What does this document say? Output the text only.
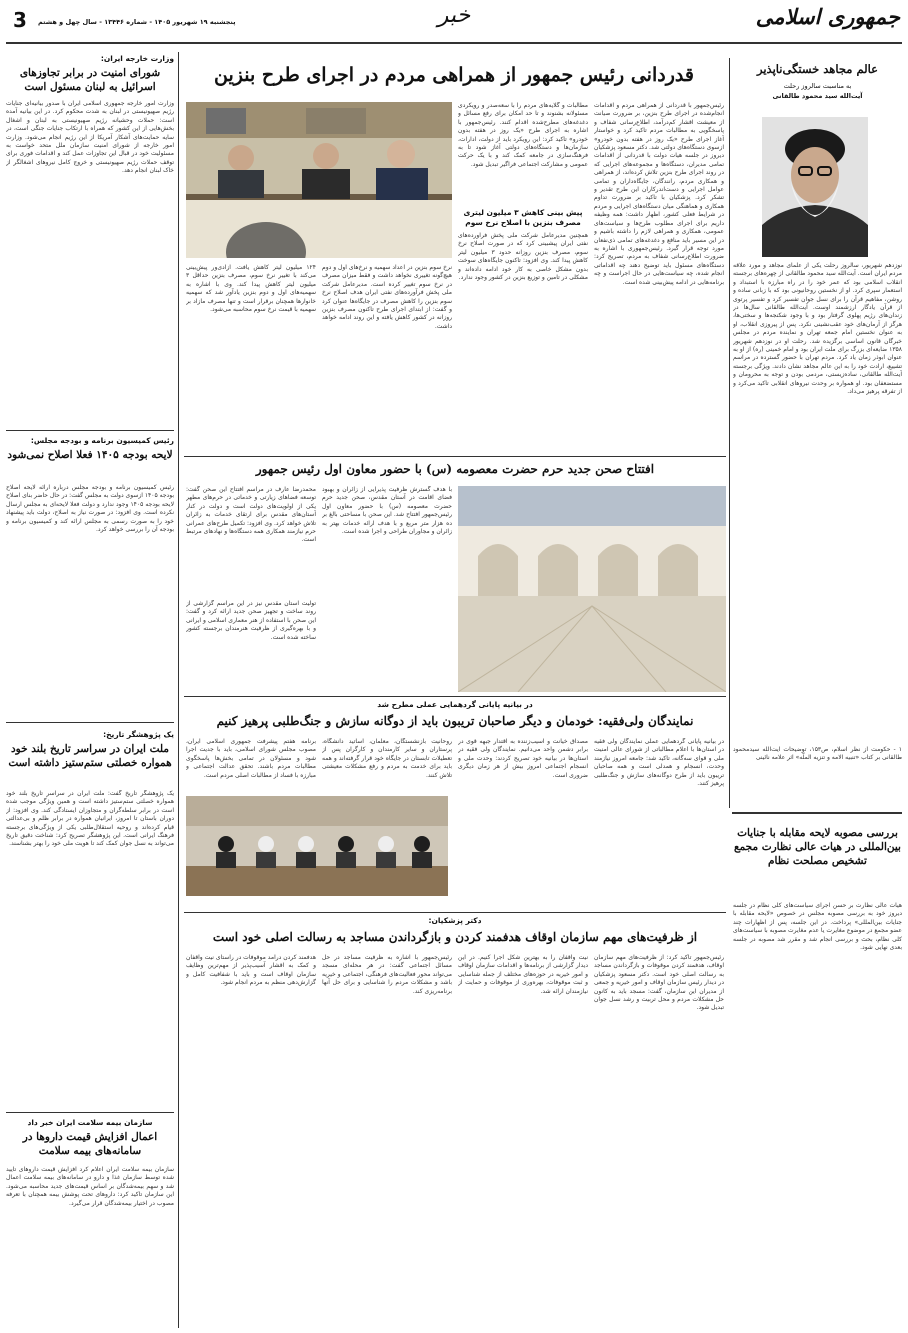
جمهوری اسلامی
خبر
پنجشنبه ۱۹ شهریور ۱۴۰۵ - شماره ۱۳۴۴۶ - سال چهل و هشتم
3
عالم مجاهد خستگی‌ناپذیر
به مناسبت سالروز رحلت
آیت‌الله سید محمود طالقانی
نوزدهم شهریور، سالروز رحلت یکی از علمای مجاهد و مورد علاقه مردم ایران است. آیت‌الله سید محمود طالقانی از چهره‌های برجسته انقلاب اسلامی بود که عمر خود را در راه مبارزه با استبداد و استعمار سپری کرد. او از نخستین روحانیونی بود که با زبانی ساده و روشن، مفاهیم قرآن را برای نسل جوان تفسیر کرد و تفسیر پرتوی از قرآن یادگار ارزشمند اوست. آیت‌الله طالقانی سال‌ها در زندان‌های رژیم پهلوی گرفتار بود و با وجود شکنجه‌ها و سختی‌ها، هرگز از آرمان‌های خود عقب‌نشینی نکرد. پس از پیروزی انقلاب، او به عنوان نخستین امام جمعه تهران و نماینده مردم در مجلس خبرگان قانون اساسی برگزیده شد. رحلت او در نوزدهم شهریور ۱۳۵۸ ضایعه‌ای بزرگ برای ملت ایران بود و امام خمینی (ره) از او به عنوان ابوذر زمان یاد کرد. مردم تهران با حضور گسترده در مراسم تشییع، ارادت خود را به این عالم مجاهد نشان دادند. ویژگی برجسته آیت‌الله طالقانی، ساده‌زیستی، مردمی بودن و توجه به محرومان و مستضعفان بود. او همواره بر وحدت نیروهای انقلابی تاکید می‌کرد و از تفرقه پرهیز می‌داد.
۱ - حکومت از نظر اسلام، ص۱۵۳، توضیحات آیت‌الله سیدمحمود طالقانی بر کتاب «تنبیه الامه و تنزیه الملّه» اثر علامه نائینی
بررسی مصوبه لایحه مقابله با جنایات بین‌المللی در هیات عالی نظارت مجمع تشخیص مصلحت نظام
هیات عالی نظارت بر حسن اجرای سیاست‌های کلی نظام در جلسه دیروز خود به بررسی مصوبه مجلس در خصوص «لایحه مقابله با جنایات بین‌المللی» پرداخت. در این جلسه، پس از اظهارات چند عضو مجمع در موضوع مغایرت یا عدم مغایرت مصوبه با سیاست‌های کلی نظام، بحث و بررسی انجام شد و مقرر شد مصوبه در جلسه بعدی نهایی شود.
وزارت خارجه ایران:
شورای امنیت در برابر تجاوزهای اسرائیل به لبنان مسئول است
وزارت امور خارجه جمهوری اسلامی ایران با صدور بیانیه‌ای جنایات رژیم صهیونیستی در لبنان به شدت محکوم کرد. در این بیانیه آمده است: حملات وحشیانه رژیم صهیونیستی به لبنان و اشغال بخش‌هایی از این کشور که همراه با ارتکاب جنایات جنگی است، در سایه حمایت‌های آشکار آمریکا از این رژیم انجام می‌شود. وزارت امور خارجه از شورای امنیت سازمان ملل متحد خواست به مسئولیت خود در قبال این تجاوزات عمل کند و اقدامات فوری برای توقف حملات رژیم صهیونیستی و خروج کامل نیروهای اشغالگر از خاک لبنان انجام دهد.
رئیس کمیسیون برنامه و بودجه مجلس:
لایحه بودجه ۱۴۰۵ فعلا اصلاح نمی‌شود
رئیس کمیسیون برنامه و بودجه مجلس درباره ارائه لایحه اصلاح بودجه ۱۴۰۵ ازسوی دولت به مجلس گفت: در حال حاضر بنای اصلاح لایحه بودجه ۱۴۰۵ وجود ندارد و دولت فعلا لایحه‌ای به مجلس ارسال نکرده است. وی افزود: در صورت نیاز به اصلاح، دولت باید پیشنهاد خود را به صورت رسمی به مجلس ارائه کند و کمیسیون برنامه و بودجه آن را بررسی خواهد کرد.
یک پژوهشگر تاریخ:
ملت ایران در سراسر تاریخ بلند خود همواره خصلتی ستم‌ستیز داشته است
یک پژوهشگر تاریخ گفت: ملت ایران در سراسر تاریخ بلند خود همواره خصلتی ستم‌ستیز داشته است و همین ویژگی موجب شده است در برابر سلطه‌گران و متجاوزان ایستادگی کند. وی افزود: از دوران باستان تا امروز، ایرانیان همواره در برابر ظلم و بی‌عدالتی قیام کرده‌اند و روحیه استقلال‌طلبی یکی از ویژگی‌های برجسته فرهنگ ایرانی است. این پژوهشگر تصریح کرد: شناخت دقیق تاریخ می‌تواند به نسل جوان کمک کند تا هویت ملی خود را بهتر بشناسند.
سازمان بیمه سلامت ایران خبر داد
اعمال افزایش قیمت داروها در سامانه‌های بیمه سلامت
سازمان بیمه سلامت ایران اعلام کرد افزایش قیمت داروهای تایید شده توسط سازمان غذا و دارو در سامانه‌های بیمه سلامت اعمال شد و سهم بیمه‌شدگان بر اساس قیمت‌های جدید محاسبه می‌شود. این سازمان تاکید کرد: داروهای تحت پوشش بیمه همچنان با تعرفه مصوب در اختیار بیمه‌شدگان قرار می‌گیرد.
قدردانی رئیس جمهور از همراهی مردم در اجرای طرح بنزین
رئیس‌جمهور با قدردانی از همراهی مردم و اقدامات انجام‌شده در اجرای طرح بنزین، بر ضرورت صیانت از معیشت اقشار کم‌درآمد، اطلاع‌رسانی شفاف و پاسخگویی به مطالبات مردم تاکید کرد و خواستار آغاز اجرای طرح «یک روز در هفته بدون خودرو» ازسوی دستگاه‌های دولتی شد. دکتر مسعود پزشکیان دیروز در جلسه هیات دولت با قدردانی از اقدامات تمامی مدیران، دستگاه‌ها و مجموعه‌های اجرایی که در روند اجرای طرح بنزین تلاش کرده‌اند، از همراهی و همکاری مردم، رانندگان، جایگاه‌داران و تمامی عوامل اجرایی و دست‌اندرکاران این طرح تقدیر و تشکر کرد. پزشکیان با تاکید بر ضرورت تداوم همکاری و هماهنگی میان دستگاه‌های اجرایی و مردم در شرایط فعلی کشور، اظهار داشت: همه وظیفه داریم برای اجرای مطلوب طرح‌ها و سیاست‌های عمومی، همکاری و همراهی لازم را داشته باشیم و در این مسیر باید منافع و دغدغه‌های تمامی ذی‌نفعان مورد توجه قرار گیرد. رئیس‌جمهوری با اشاره به ضرورت اطلاع‌رسانی شفاف به مردم، تصریح کرد: دستگاه‌های مسئول باید توضیح دهند چه اقداماتی انجام شده، چه سیاست‌هایی در حال اجراست و چه برنامه‌هایی در ادامه پیش‌بینی شده است.
مطالبات و گلایه‌های مردم را با سعه‌صدر و رویکردی مسئولانه بشنوند و تا حد امکان برای رفع مسائل و دغدغه‌های مطرح‌شده اقدام کنند. رئیس‌جمهور با اشاره به اجرای طرح «یک روز در هفته بدون خودرو» تاکید کرد: این رویکرد باید از دولت، ادارات، سازمان‌ها و دستگاه‌های دولتی آغاز شود تا به فرهنگ‌سازی در جامعه کمک کند و با یک حرکت عمومی و مشارکت اجتماعی فراگیر تبدیل شود.
پیش بینی کاهش ۳ میلیون لیتری مصرف بنزین با اصلاح نرخ سوم
همچنین مدیرعامل شرکت ملی پخش فرآورده‌های نفتی ایران پیشبینی کرد که در صورت اصلاح نرخ سوم، مصرف بنزین روزانه حدود ۳ میلیون لیتر کاهش پیدا کند. وی افزود: تاکنون جایگاه‌های سوخت بدون مشکل خاصی به کار خود ادامه داده‌اند و مشکلی در تامین و توزیع بنزین در کشور وجود ندارد.
نرخ سوم بنزین در اعداد سهمیه و نرخ‌های اول و دوم هیچ‌گونه تغییری نخواهد داشت و فقط میزان مصرف در نرخ سوم تغییر کرده است. مدیرعامل شرکت ملی پخش فرآورده‌های نفتی ایران هدف اصلاح نرخ سوم بنزین را کاهش مصرف در جایگاه‌ها عنوان کرد و گفت: از ابتدای اجرای طرح تاکنون مصرف بنزین روزانه در کشور کاهش یافته و این روند ادامه خواهد داشت.
۱۲۴ میلیون لیتر کاهش یافت. آزادی‌ور پیش‌بینی می‌کند با تغییر نرخ سوم، مصرف بنزین حداقل ۳ میلیون لیتر کاهش پیدا کند. وی با اشاره به سهمیه‌های اول و دوم بنزین یادآور شد که سهمیه خانوارها همچنان برقرار است و تنها مصرف مازاد بر سهمیه با قیمت نرخ سوم محاسبه می‌شود.
افتتاح صحن جدید حرم حضرت معصومه (س) با حضور معاون اول رئیس جمهور
با هدف گسترش ظرفیت پذیرایی از زائران و بهبود فضای اقامت در آستان مقدس، صحن جدید حرم حضرت معصومه (س) با حضور معاون اول رئیس‌جمهور افتتاح شد. این صحن با مساحتی بالغ بر ده هزار متر مربع و با هدف ارائه خدمات بهتر به زائران و مجاوران طراحی و اجرا شده است.
محمدرضا عارف در مراسم افتتاح این صحن گفت: توسعه فضاهای زیارتی و خدماتی در حرم‌های مطهر یکی از اولویت‌های دولت است و دولت در کنار آستان‌های مقدس برای ارتقای خدمات به زائران تلاش خواهد کرد. وی افزود: تکمیل طرح‌های عمرانی حرم نیازمند همکاری همه دستگاه‌ها و نهادهای مرتبط است.
تولیت آستان مقدس نیز در این مراسم گزارشی از روند ساخت و تجهیز صحن جدید ارائه کرد و گفت: این صحن با استفاده از هنر معماری اسلامی و ایرانی و با بهره‌گیری از ظرفیت هنرمندان برجسته کشور ساخته شده است.
در بیانیه پایانی گردهمایی عملی مطرح شد
نمایندگان ولی‌فقیه: خودمان و دیگر صاحبان تریبون باید از دوگانه سازش و جنگ‌طلبی پرهیز کنیم
در بیانیه پایانی گردهمایی عملی نمایندگان ولی فقیه در استان‌ها با اعلام مطالباتی از شورای عالی امنیت ملی و قوای سه‌گانه، تاکید شد: جامعه امروز نیازمند وحدت، انسجام و همدلی است و همه صاحبان تریبون باید از طرح دوگانه‌های سازش و جنگ‌طلبی پرهیز کنند.
مصداق خیانت و آسیب‌زننده به اقتدار جبهه قوی در برابر دشمن واحد می‌دانیم. نمایندگان ولی فقیه در استان‌ها در بیانیه خود تصریح کردند: وحدت ملی و انسجام اجتماعی امروز بیش از هر زمان دیگری ضروری است.
روحانیت بازنشستگان، معلمان، اساتید دانشگاه، پرستاران و سایر کارمندان و کارگران پس از تعطیلات تابستان در جایگاه خود قرار گرفته‌اند و همه باید برای خدمت به مردم و رفع مشکلات معیشتی تلاش کنند.
برنامه هفتم پیشرفت جمهوری اسلامی ایران، مصوب مجلس شورای اسلامی، باید با جدیت اجرا شود و مسئولان در تمامی بخش‌ها پاسخگوی مطالبات مردم باشند. تحقق عدالت اجتماعی و مبارزه با فساد از مطالبات اصلی مردم است.
دکتر پزشکیان:
از ظرفیت‌های مهم سازمان اوقاف هدفمند کردن و بازگرداندن مساجد به رسالت اصلی خود است
رئیس‌جمهور تاکید کرد: از ظرفیت‌های مهم سازمان اوقاف، هدفمند کردن موقوفات و بازگرداندن مساجد به رسالت اصلی خود است. دکتر مسعود پزشکیان در دیدار رئیس سازمان اوقاف و امور خیریه و جمعی از مدیران این سازمان، گفت: مسجد باید به کانون حل مشکلات مردم و محل تربیت و رشد نسل جوان تبدیل شود.
نیت واقفان را به بهترین شکل اجرا کنیم. در این دیدار گزارشی از برنامه‌ها و اقدامات سازمان اوقاف و امور خیریه در حوزه‌های مختلف از جمله شناسایی و ثبت موقوفات، بهره‌وری از موقوفات و حمایت از نیازمندان ارائه شد.
رئیس‌جمهور با اشاره به ظرفیت مساجد در حل مسائل اجتماعی گفت: در هر محله‌ای مسجد می‌تواند محور فعالیت‌های فرهنگی، اجتماعی و خیریه باشد و مشکلات مردم را شناسایی و برای حل آنها برنامه‌ریزی کند.
هدفمند کردن درآمد موقوفات در راستای نیت واقفان و کمک به اقشار آسیب‌پذیر از مهم‌ترین وظایف سازمان اوقاف است و باید با شفافیت کامل و گزارش‌دهی منظم به مردم انجام شود.
